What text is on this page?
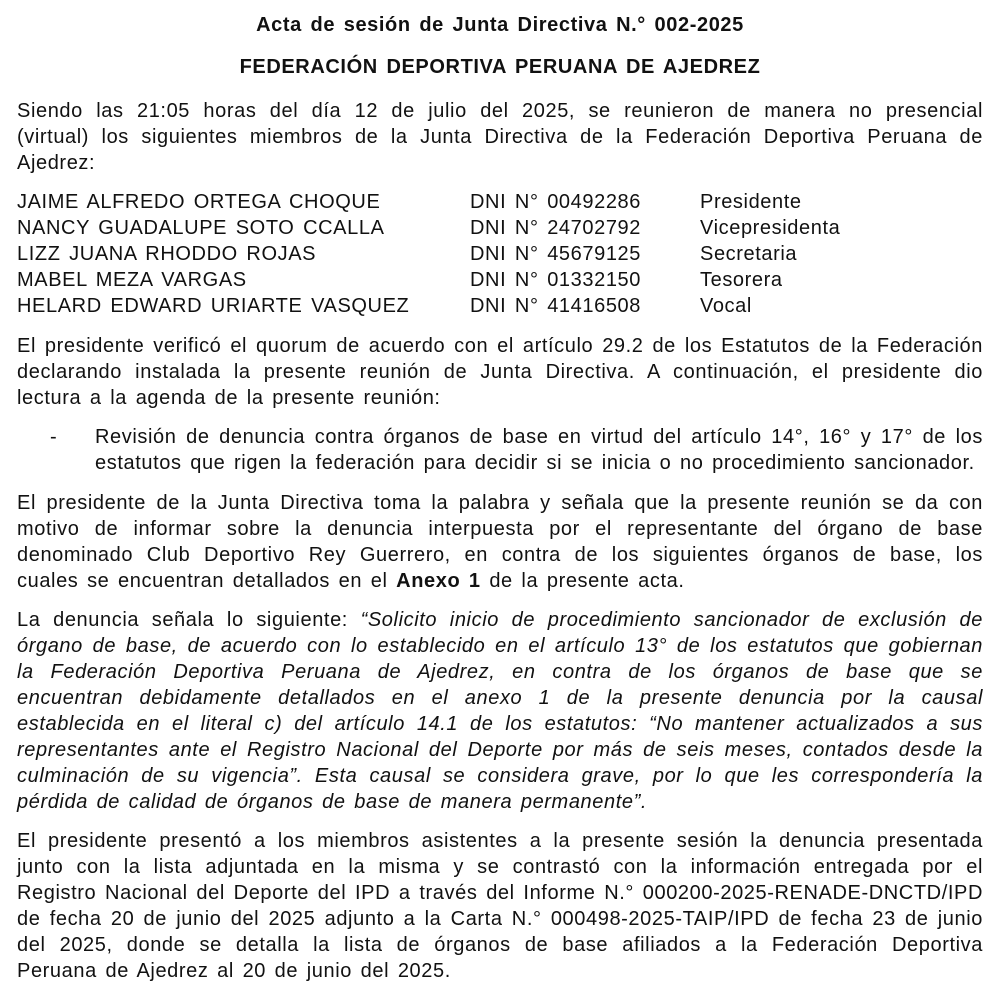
Acta de sesión de Junta Directiva N.° 002-2025
FEDERACIÓN DEPORTIVA PERUANA DE AJEDREZ

Siendo las 21:05 horas del día 12 de julio del 2025, se reunieron de manera no presencial (virtual) los siguientes miembros de la Junta Directiva de la Federación Deportiva Peruana de Ajedrez:

JAIME ALFREDO ORTEGA CHOQUE	DNI N° 00492286	Presidente
NANCY GUADALUPE SOTO CCALLA	DNI N° 24702792	Vicepresidenta
LIZZ JUANA RHODDO ROJAS	DNI N° 45679125	Secretaria
MABEL MEZA VARGAS	DNI N° 01332150	Tesorera
HELARD EDWARD URIARTE VASQUEZ	DNI N° 41416508	Vocal

El presidente verificó el quorum de acuerdo con el artículo 29.2 de los Estatutos de la Federación declarando instalada la presente reunión de Junta Directiva. A continuación, el presidente dio lectura a la agenda de la presente reunión:

-	Revisión de denuncia contra órganos de base en virtud del artículo 14°, 16° y 17° de los estatutos que rigen la federación para decidir si se inicia o no procedimiento sancionador.

El presidente de la Junta Directiva toma la palabra y señala que la presente reunión se da con motivo de informar sobre la denuncia interpuesta por el representante del órgano de base denominado Club Deportivo Rey Guerrero, en contra de los siguientes órganos de base, los cuales se encuentran detallados en el Anexo 1 de la presente acta.

La denuncia señala lo siguiente: “Solicito inicio de procedimiento sancionador de exclusión de órgano de base, de acuerdo con lo establecido en el artículo 13° de los estatutos que gobiernan la Federación Deportiva Peruana de Ajedrez, en contra de los órganos de base que se encuentran debidamente detallados en el anexo 1 de la presente denuncia por la causal establecida en el literal c) del artículo 14.1 de los estatutos: “No mantener actualizados a sus representantes ante el Registro Nacional del Deporte por más de seis meses, contados desde la culminación de su vigencia”. Esta causal se considera grave, por lo que les correspondería la pérdida de calidad de órganos de base de manera permanente”.

El presidente presentó a los miembros asistentes a la presente sesión la denuncia presentada junto con la lista adjuntada en la misma y se contrastó con la información entregada por el Registro Nacional del Deporte del IPD a través del Informe N.° 000200-2025-RENADE-DNCTD/IPD de fecha 20 de junio del 2025 adjunto a la Carta N.° 000498-2025-TAIP/IPD de fecha 23 de junio del 2025, donde se detalla la lista de órganos de base afiliados a la Federación Deportiva Peruana de Ajedrez al 20 de junio del 2025.
